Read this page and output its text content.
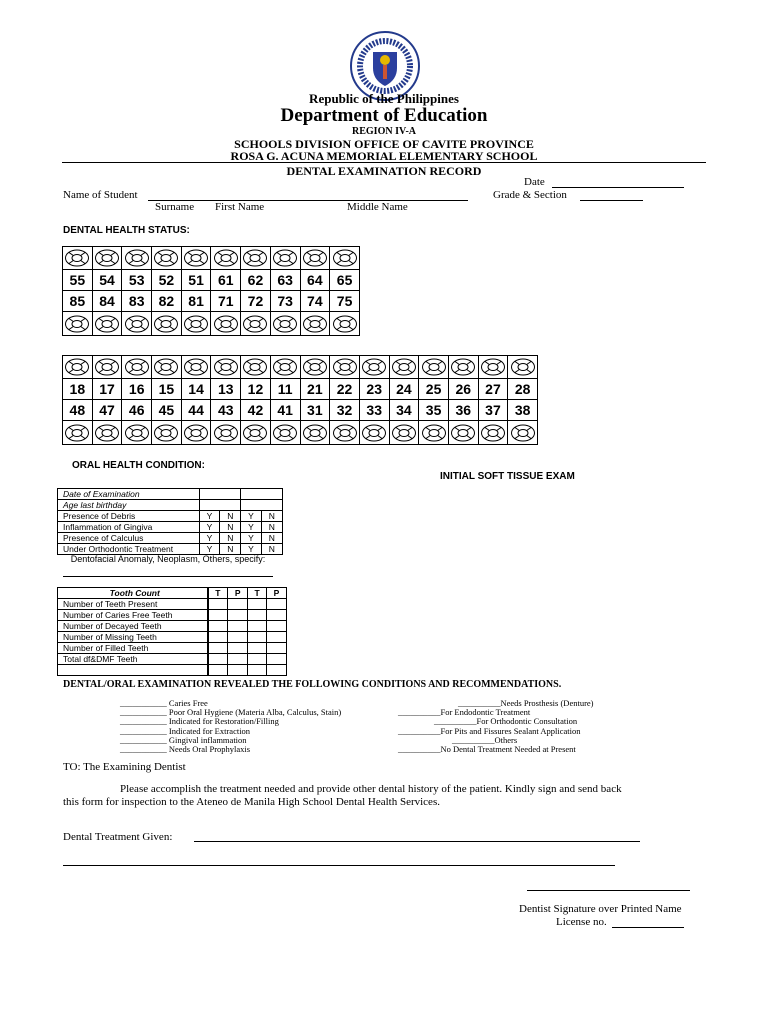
Republic of the Philippines
Department of Education
REGION IV-A
SCHOOLS DIVISION OFFICE OF CAVITE PROVINCE
ROSA G. ACUNA MEMORIAL ELEMENTARY SCHOOL
DENTAL EXAMINATION RECORD
Date
Name of Student	Grade & Section
Surname First Name	Middle Name
DENTAL HEALTH STATUS:

55	54	53	52	51	61	62	63	64	65
85	84	83	82	81	71	72	73	74	75

18	17	16	15	14	13	12	11	21	22	23	24	25	26	27	28
48	47	46	45	44	43	42	41	31	32	33	34	35	36	37	38

ORAL HEALTH CONDITION:
INITIAL SOFT TISSUE EXAM
Date of Examination				
Age last birthday				
Presence of Debris	Y	N	Y	N
Inflammation of Gingiva	Y	N	Y	N
Presence of Calculus	Y	N	Y	N
Under Orthodontic Treatment	Y	N	Y	N
Dentofacial Anomaly, Neoplasm, Others, specify:
Tooth Count	T	P	T	P
Number of Teeth Present				
Number of Caries Free Teeth				
Number of Decayed Teeth				
Number of Missing Teeth				
Number of Filled Teeth				
Total df&DMF Teeth				

DENTAL/ORAL EXAMINATION REVEALED THE FOLLOWING CONDITIONS AND RECOMMENDATIONS.
___________ Caries Free
___________ Poor Oral Hygiene (Materia Alba, Calculus, Stain)
___________ Indicated for Restoration/Filling
___________ Indicated for Extraction
___________ Gingival inflammation
___________ Needs Oral Prophylaxis
__________Needs Prosthesis (Denture)
__________For Endodontic Treatment
__________For Orthodontic Consultation
__________For Pits and Fissures Sealant Application
__________Others
__________No Dental Treatment Needed at Present
TO: The Examining Dentist
Please accomplish the treatment needed and provide other dental history of the patient. Kindly sign and send back
this form for inspection to the Ateneo de Manila High School Dental Health Services.
Dental Treatment Given:
Dentist Signature over Printed Name
License no.
